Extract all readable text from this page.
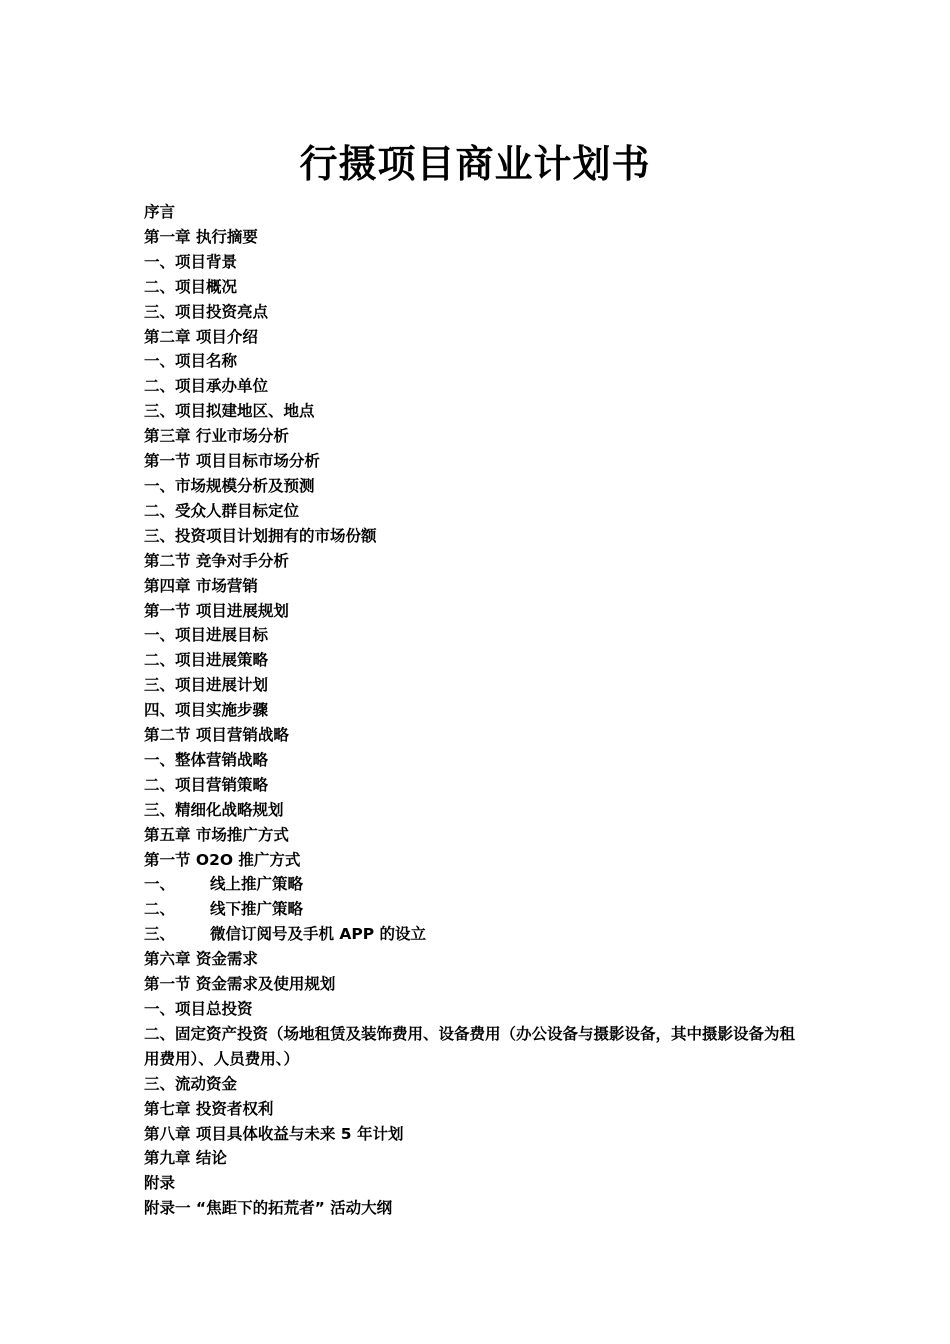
行摄项目商业计划书
序言
第一章 执行摘要
一、项目背景
二、项目概况
三、项目投资亮点
第二章 项目介绍
一、项目名称
二、项目承办单位
三、项目拟建地区、地点
第三章 行业市场分析
第一节 项目目标市场分析
一、市场规模分析及预测
二、受众人群目标定位
三、投资项目计划拥有的市场份额
第二节 竞争对手分析
第四章 市场营销
第一节 项目进展规划
一、项目进展目标
二、项目进展策略
三、项目进展计划
四、项目实施步骤
第二节 项目营销战略
一、整体营销战略
二、项目营销策略
三、精细化战略规划
第五章 市场推广方式
第一节 O2O 推广方式
一、 线上推广策略
二、 线下推广策略
三、 微信订阅号及手机 APP 的设立
第六章 资金需求
第一节 资金需求及使用规划
一、项目总投资
二、固定资产投资（场地租赁及装饰费用、设备费用（办公设备与摄影设备，其中摄影设备为租用费用）、人员费用、）
三、流动资金
第七章 投资者权利
第八章 项目具体收益与未来 5 年计划
第九章 结论
附录
附录一 “焦距下的拓荒者” 活动大纲
